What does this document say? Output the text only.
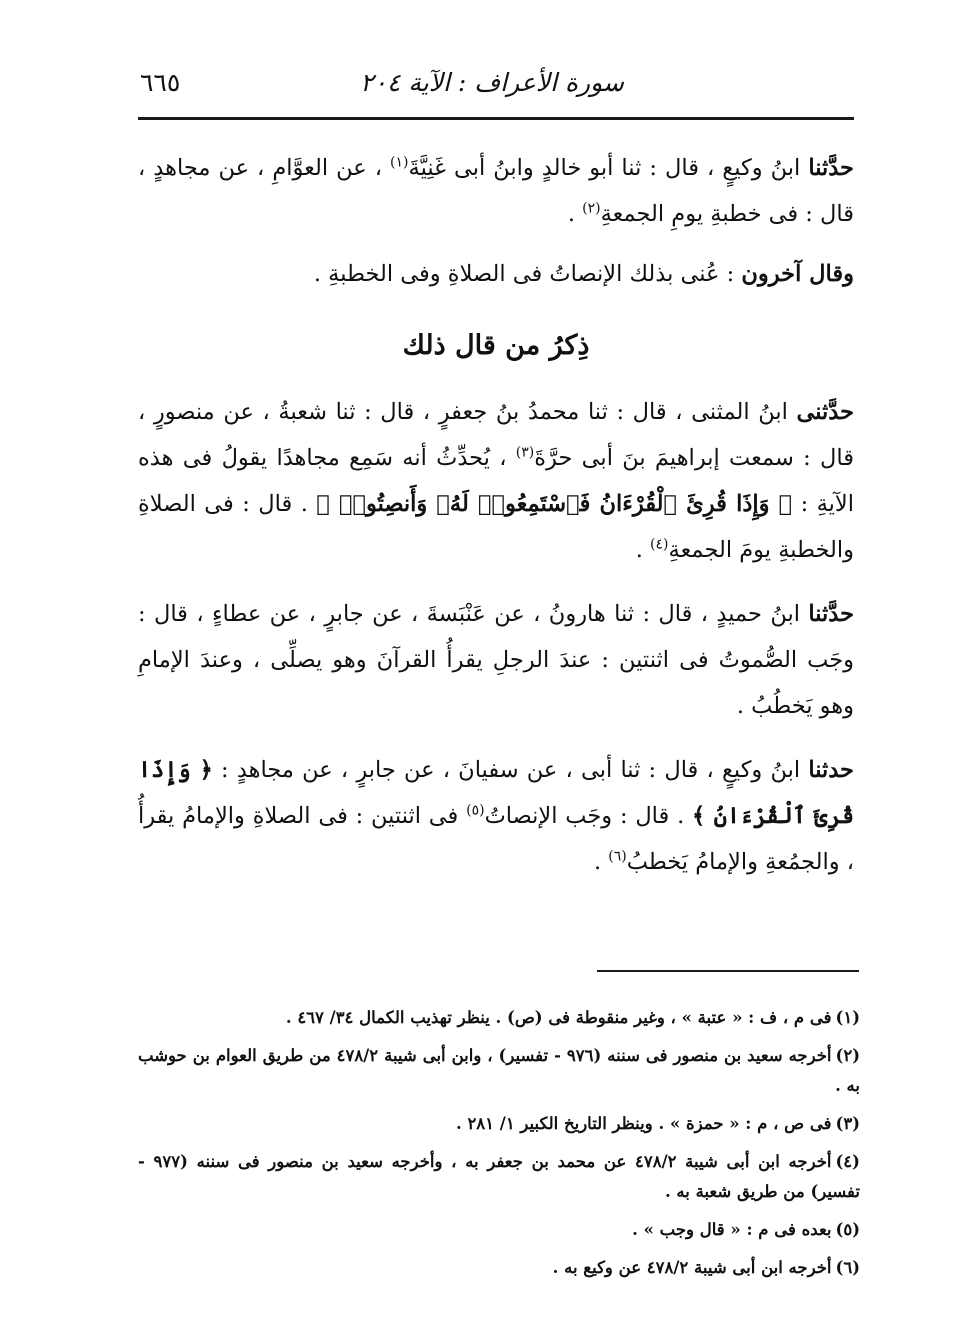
سورة الأعراف : الآية ٢٠٤
٦٦٥

حدَّثنا ابنُ وكيعٍ ، قال : ثنا أبو خالدٍ وابنُ أبى غَنِيَّةَ$^{(١)}$ ، عن العوَّامِ ، عن مجاهدٍ ، قال : فى خطبةِ يومِ الجمعةِ$^{(٢)}$ .

وقال آخرون : عُنى بذلك الإنصاتُ فى الصلاةِ وفى الخطبةِ .

ذِكرُ من قال ذلك

حدَّثنى ابنُ المثنى ، قال : ثنا محمدُ بنُ جعفرٍ ، قال : ثنا شعبةُ ، عن منصورٍ ، قال : سمعت إبراهيمَ بنَ أبى حرَّةَ$^{(٣)}$ ، يُحدِّثُ أنه سَمِع مجاهدًا يقولُ فى هذه الآيةِ : ﴿ وَإِذَا قُرِئَ ٱلْقُرْءَانُ فَٱسْتَمِعُوا۟ لَهُۥ وَأَنصِتُوا۟ ﴾ . قال : فى الصلاةِ والخطبةِ يومَ الجمعةِ$^{(٤)}$ .

حدَّثنا ابنُ حميدٍ ، قال : ثنا هارونُ ، عن عَنْبَسةَ ، عن جابرٍ ، عن عطاءٍ ، قال : وجَب الصُّموتُ فى اثنتين : عندَ الرجلِ يقرأُ القرآنَ وهو يصلِّى ، وعندَ الإمامِ وهو يَخطُبُ .

حدثنا ابنُ وكيعٍ ، قال : ثنا أبى ، عن سفيانَ ، عن جابرٍ ، عن مجاهدٍ : ﴿ وَإِذَا قُرِئَ ٱلْقُرْءَانُ ﴾ . قال : وجَب الإنصاتُ$^{(٥)}$ فى اثنتين : فى الصلاةِ والإمامُ يقرأُ ، والجمُعةِ والإمامُ يَخطبُ$^{(٦)}$ .

(١)فى م ، ف : « عتبة » ، وغير منقوطة فى (ص) . ينظر تهذيب الكمال ٣٤/ ٤٦٧ .

(٢)أخرجه سعيد بن منصور فى سننه (٩٧٦ - تفسير) ، وابن أبى شيبة ٤٧٨/٢ من طريق العوام بن حوشب به .

(٣)فى ص ، م : « حمزة » . وينظر التاريخ الكبير ١/ ٢٨١ .

(٤)أخرجه ابن أبى شيبة ٤٧٨/٢ عن محمد بن جعفر به ، وأخرجه سعيد بن منصور فى سننه (٩٧٧ - تفسير) من طريق شعبة به .

(٥)بعده فى م : « قال وجب » .

(٦)أخرجه ابن أبى شيبة ٤٧٨/٢ عن وكيع به .
